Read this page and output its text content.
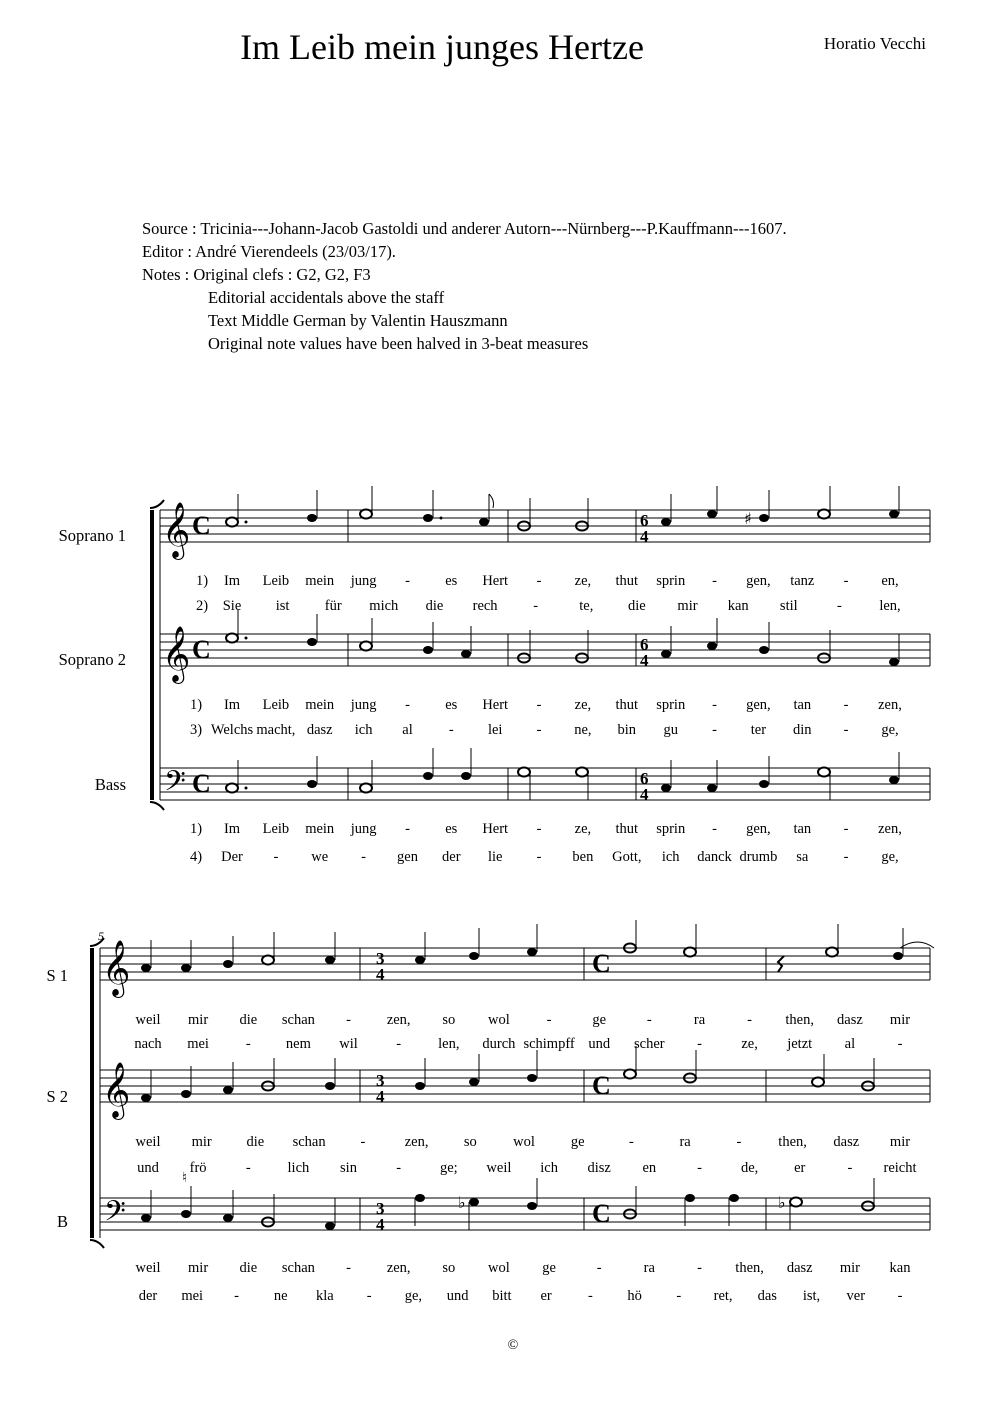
Im Leib mein junges Hertze	Horatio Vecchi
Source : Tricinia---Johann-Jacob Gastoldi und anderer Autorn---Nürnberg---P.Kauffmann---1607.
Editor : André Vierendeels (23/03/17).
Notes : Original clefs : G2, G2, F3
Editorial accidentals above the staff
Text Middle German by Valentin Hauszmann
Original note values have been halved in 3-beat measures
Soprano 1
Soprano 2
Bass
S 1
S 2
B
𝄞 C	6
4
♯
𝄞 C	6
4
𝄢 C	6
4
1)
2)
1)
3)
1)
4)
Im Leib mein jung - es Hert - ze, thut sprin - gen, tanz - en,
Sie ist für mich die rech -	te, die mir kan stil	-	len,
Im Leib mein jung - es Hert - ze, thut sprin - gen, tan - zen,
Welchs macht, dasz ich al - lei - ne, bin gu - ter din - ge,
Im Leib mein jung - es Hert - ze, thut sprin - gen, tan - zen,
Der - we - gen der lie - ben Gott, ich danck drumb sa - ge,
weil mir die schan - zen, so wol	-	ge	-	ra	- then, dasz mir
nach mei	- nem wil	-	len, durch schimpff und scher -	ze, jetzt al	-
weil mir die schan -	zen, so	wol ge	-	ra	-	then, dasz mir
und frö	-	lich sin	-	ge; weil ich disz en	-	de, er	- reicht
weil mir die schan - zen, so wol ge	-	ra	- then, dasz mir kan
der mei - ne kla - ge, und bitt er - hö - ret, das ist, ver -
5
𝄞	3
4	C
𝄞	3
4	C
𝄢	3
4	C
♮
♭	♭
©
